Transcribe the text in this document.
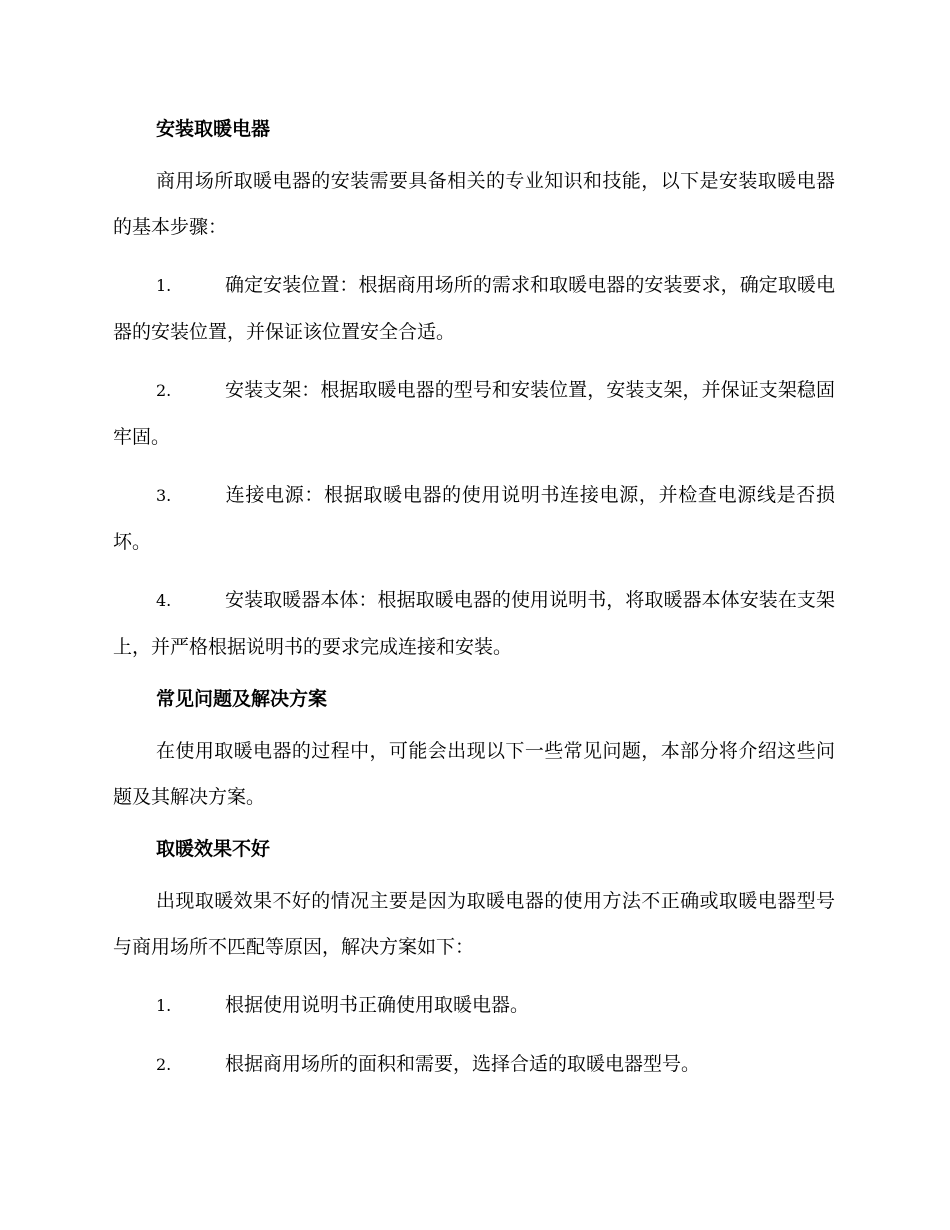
安装取暖电器
商用场所取暖电器的安装需要具备相关的专业知识和技能，以下是安装取暖电器的基本步骤：
1.	确定安装位置：根据商用场所的需求和取暖电器的安装要求，确定取暖电器的安装位置，并保证该位置安全合适。
2.	安装支架：根据取暖电器的型号和安装位置，安装支架，并保证支架稳固牢固。
3.	连接电源：根据取暖电器的使用说明书连接电源，并检查电源线是否损坏。
4.	安装取暖器本体：根据取暖电器的使用说明书，将取暖器本体安装在支架上，并严格根据说明书的要求完成连接和安装。
常见问题及解决方案
在使用取暖电器的过程中，可能会出现以下一些常见问题，本部分将介绍这些问题及其解决方案。
取暖效果不好
出现取暖效果不好的情况主要是因为取暖电器的使用方法不正确或取暖电器型号与商用场所不匹配等原因，解决方案如下：
1.	根据使用说明书正确使用取暖电器。
2.	根据商用场所的面积和需要，选择合适的取暖电器型号。
